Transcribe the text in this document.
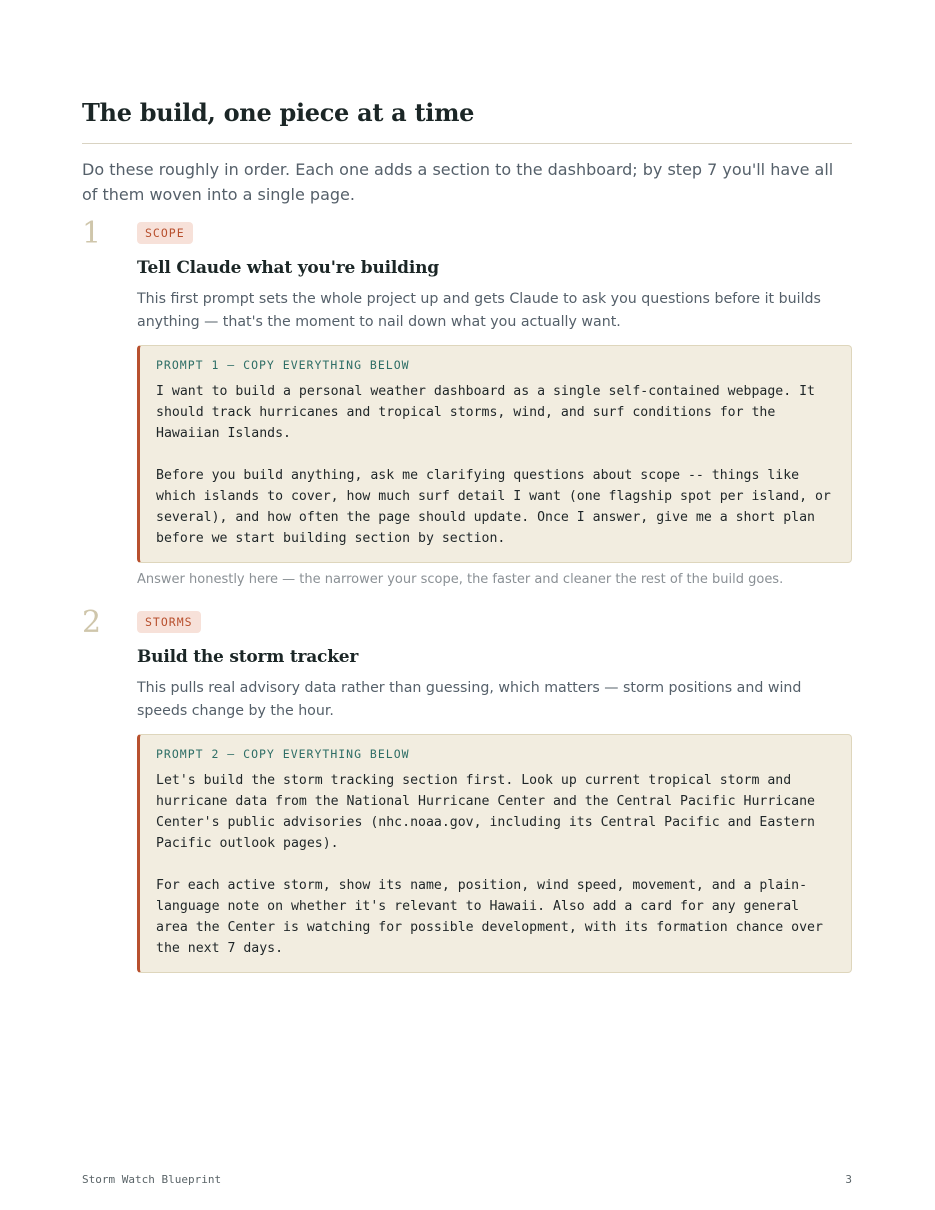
The build, one piece at a time

Do these roughly in order. Each one adds a section to the dashboard; by step 7 you'll have all of them woven into a single page.

1	SCOPE
Tell Claude what you're building

This first prompt sets the whole project up and gets Claude to ask you questions before it builds anything — that's the moment to nail down what you actually want.

PROMPT 1 — COPY EVERYTHING BELOW
I want to build a personal weather dashboard as a single self-contained webpage. It should track hurricanes and tropical storms, wind, and surf conditions for the Hawaiian Islands.

Before you build anything, ask me clarifying questions about scope -- things like which islands to cover, how much surf detail I want (one flagship spot per island, or several), and how often the page should update. Once I answer, give me a short plan before we start building section by section.
Answer honestly here — the narrower your scope, the faster and cleaner the rest of the build goes.
2	STORMS
Build the storm tracker

This pulls real advisory data rather than guessing, which matters — storm positions and wind speeds change by the hour.

PROMPT 2 — COPY EVERYTHING BELOW
Let's build the storm tracking section first. Look up current tropical storm and hurricane data from the National Hurricane Center and the Central Pacific Hurricane Center's public advisories (nhc.noaa.gov, including its Central Pacific and Eastern Pacific outlook pages).

For each active storm, show its name, position, wind speed, movement, and a plain-language note on whether it's relevant to Hawaii. Also add a card for any general area the Center is watching for possible development, with its formation chance over the next 7 days.
Storm Watch Blueprint	3
